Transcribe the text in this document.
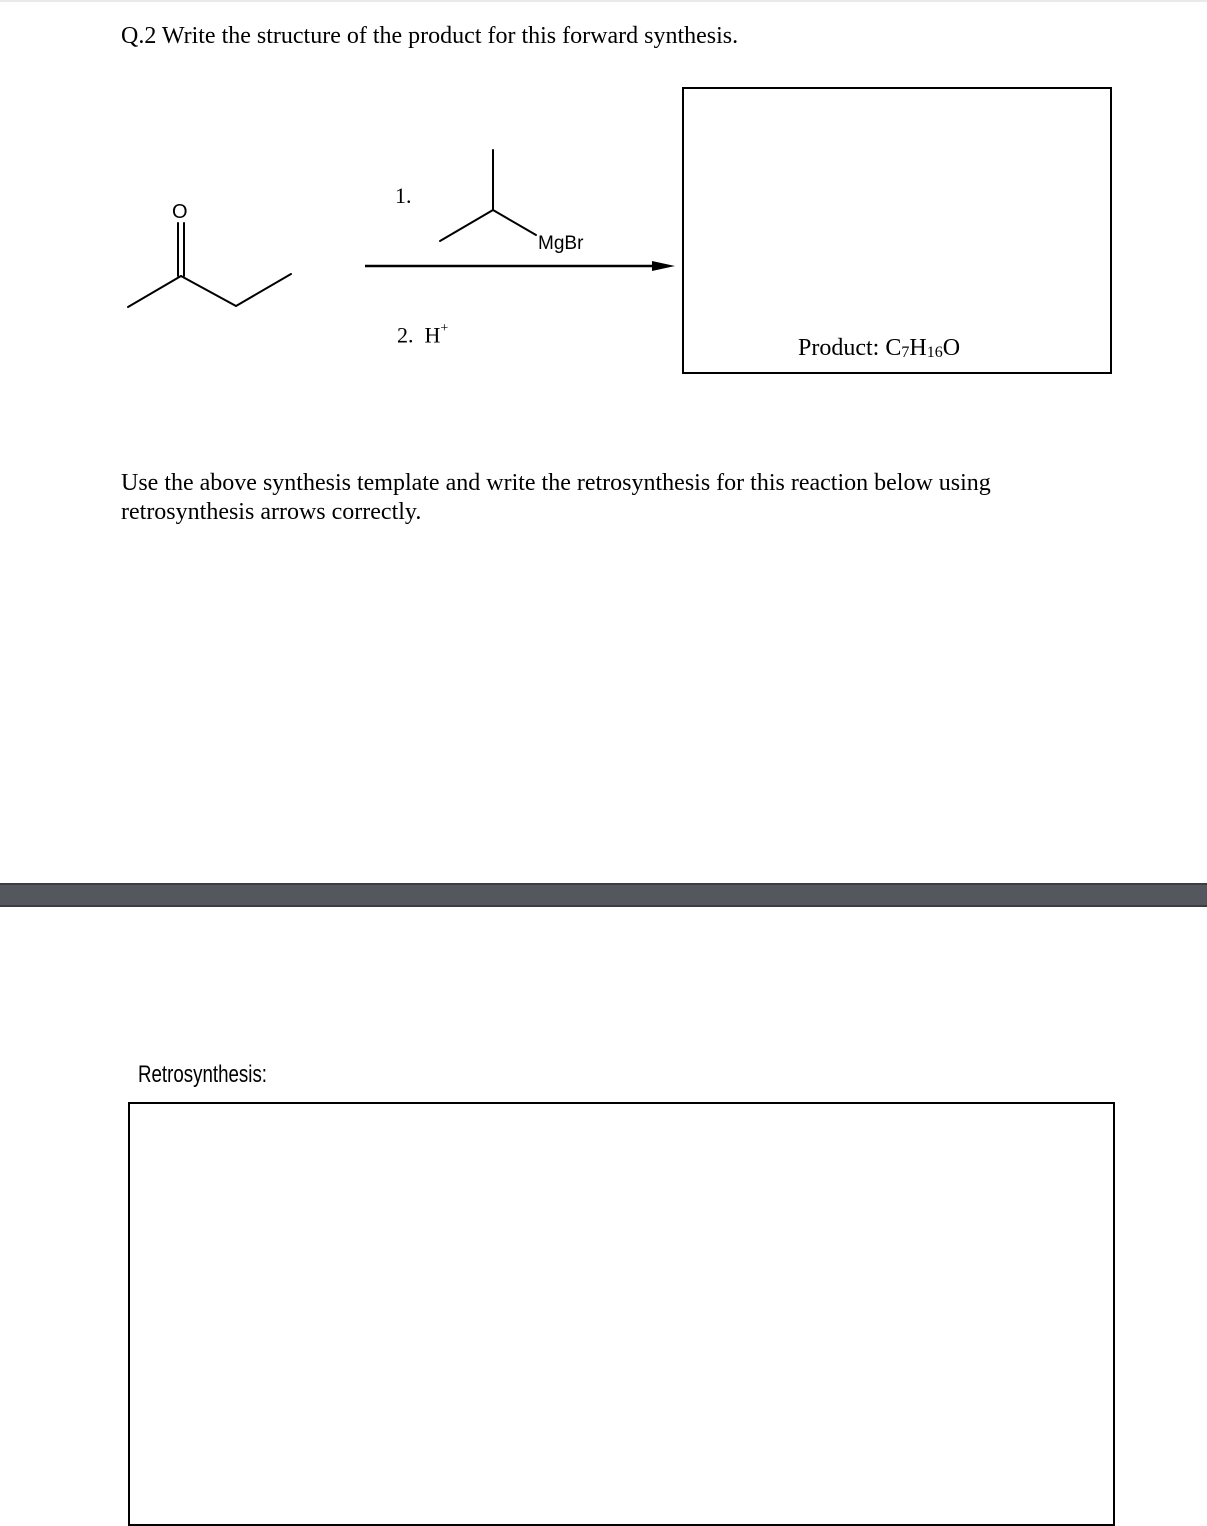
Q.2 Write the structure of the product for this forward synthesis.
O
1.
MgBr
2.  H+
Product: $C_7H_{16}O$
Use the above synthesis template and write the retrosynthesis for this reaction below using retrosynthesis arrows correctly.
Retrosynthesis:
